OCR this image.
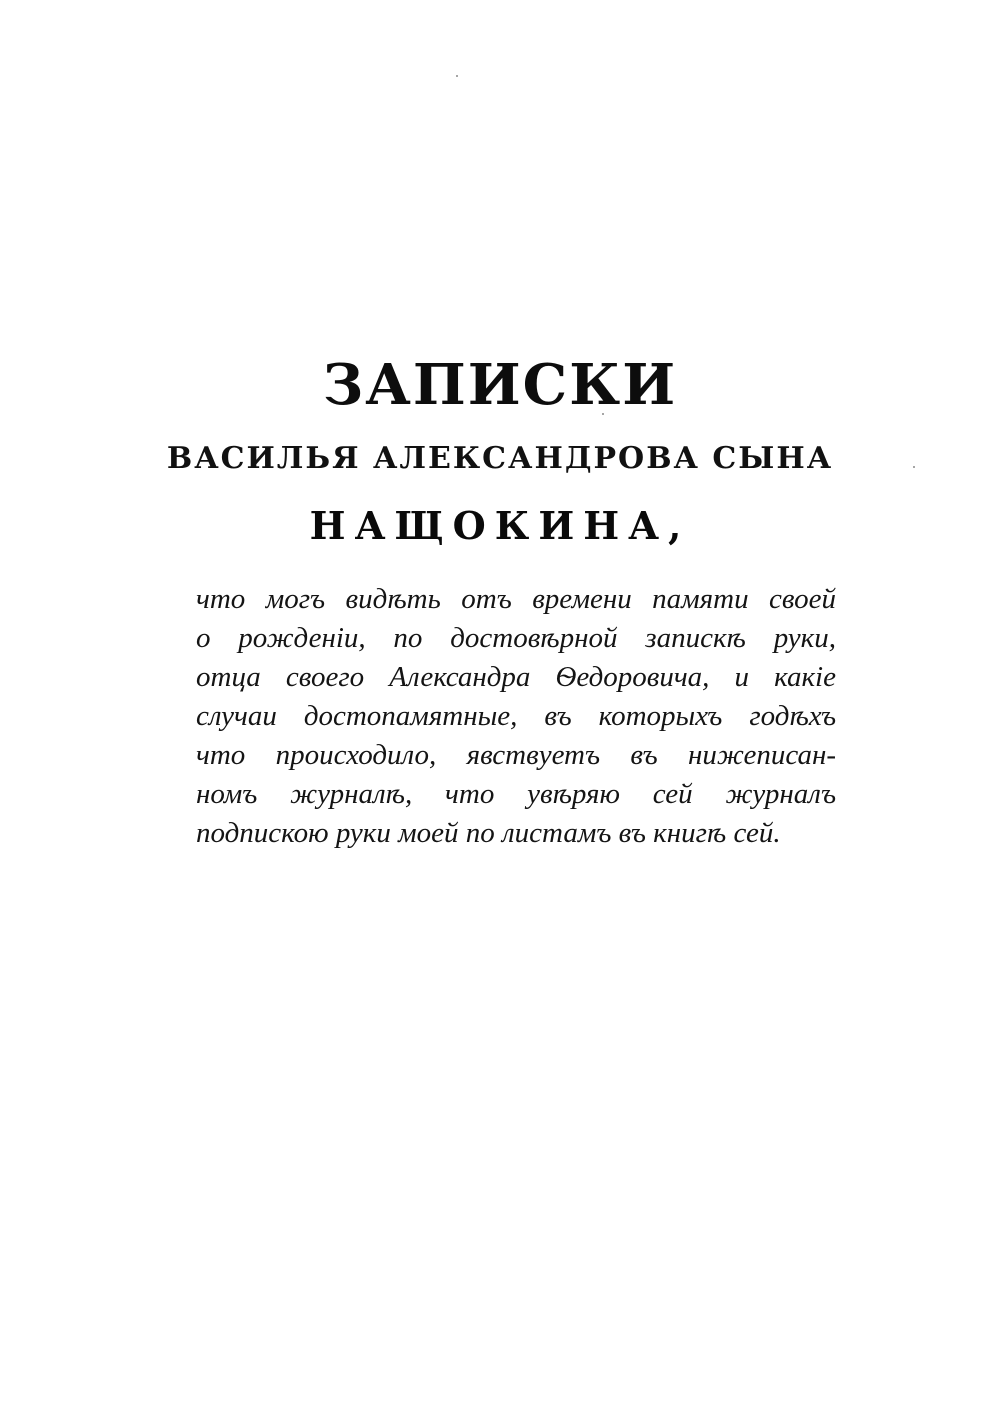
ЗАПИСКИ
ВАСИЛЬЯ АЛЕКСАНДРОВА СЫНА
НАЩОКИНА,
что могъ видѣть отъ времени памяти своей
о рожденіи, по достовѣрной запискѣ руки,
отца своего Александра Ѳедоровича, и какіе
случаи достопамятные, въ которыхъ годѣхъ
что происходило, явствуетъ въ нижеписан-
номъ журналѣ, что увѣряю сей журналъ
подпискою руки моей по листамъ въ книгѣ сей.
